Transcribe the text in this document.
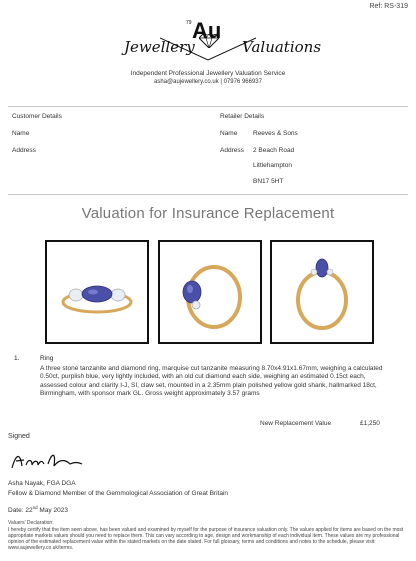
Ref: RS-319
Jewellery
79 Au
Valuations
Independent Professional Jewellery Valuation Service
asha@aujewellery.co.uk | 07976 966937
Customer Details
Name
Address
Retailer Details
Name Reeves & Sons
Address 2 Beach Road
Littlehampton
BN17 5HT
Valuation for Insurance Replacement
1.	Ring
A three stone tanzanite and diamond ring, marquise cut tanzanite measuring 8.70x4.91x1.67mm, weighing a calculated 0.50ct, purplish blue, very lightly included, with an old cut diamond each side, weighing an estimated 0.15ct each, assessed colour and clarity I-J, SI, claw set, mounted in a 2.35mm plain polished yellow gold shank, hallmarked 18ct, Birmingham, with sponsor mark GL. Gross weight approximately 3.57 grams
New Replacement Value	£1,250
Signed
Asha Nayak, FGA DGA
Fellow & Diamond Member of the Gemmological Association of Great Britain
Date: 22nd May 2023
Valuers' Declaration:
I hereby certify that the item seen above, has been valued and examined by myself for the purpose of insurance valuation only. The values applied for items are based on the most appropriate markets values should you need to replace them. This can vary according to age, design and workmanship of each individual item. These values are my professional opinion of the estimated replacement value within the stated markets on the date stated. For full glossary, terms and conditions and notes to the schedule, please visit: www.aujewellery.co.uk/terms.
